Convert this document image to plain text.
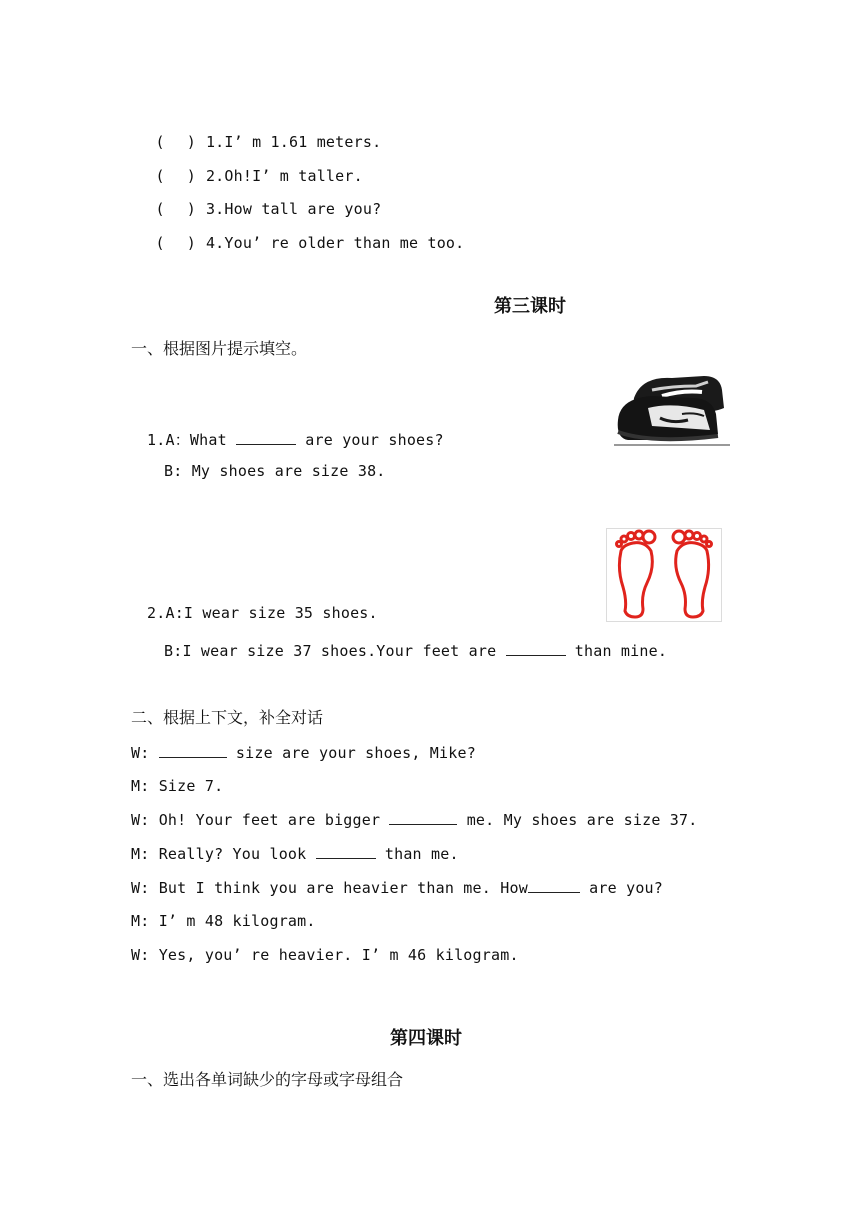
( ) 1.I’ m 1.61 meters.

( ) 2.Oh!I’ m taller.

( ) 3.How tall are you?

( ) 4.You’ re older than me too.

第三课时
一、根据图片提示填空。
1.A：What	are your shoes?
B: My shoes are size 38.
2.A:I wear size 35 shoes.
B:I wear size 37 shoes.Your feet are	than mine.
二、根据上下文，补全对话
W:	size are your shoes, Mike?
M: Size 7.
W: Oh! Your feet are bigger	me. My shoes are size 37.
M: Really? You look	than me.
W: But I think you are heavier than me. How	are you?
M: I’ m 48 kilogram.
W: Yes, you’ re heavier. I’ m 46 kilogram.
第四课时
一、选出各单词缺少的字母或字母组合
